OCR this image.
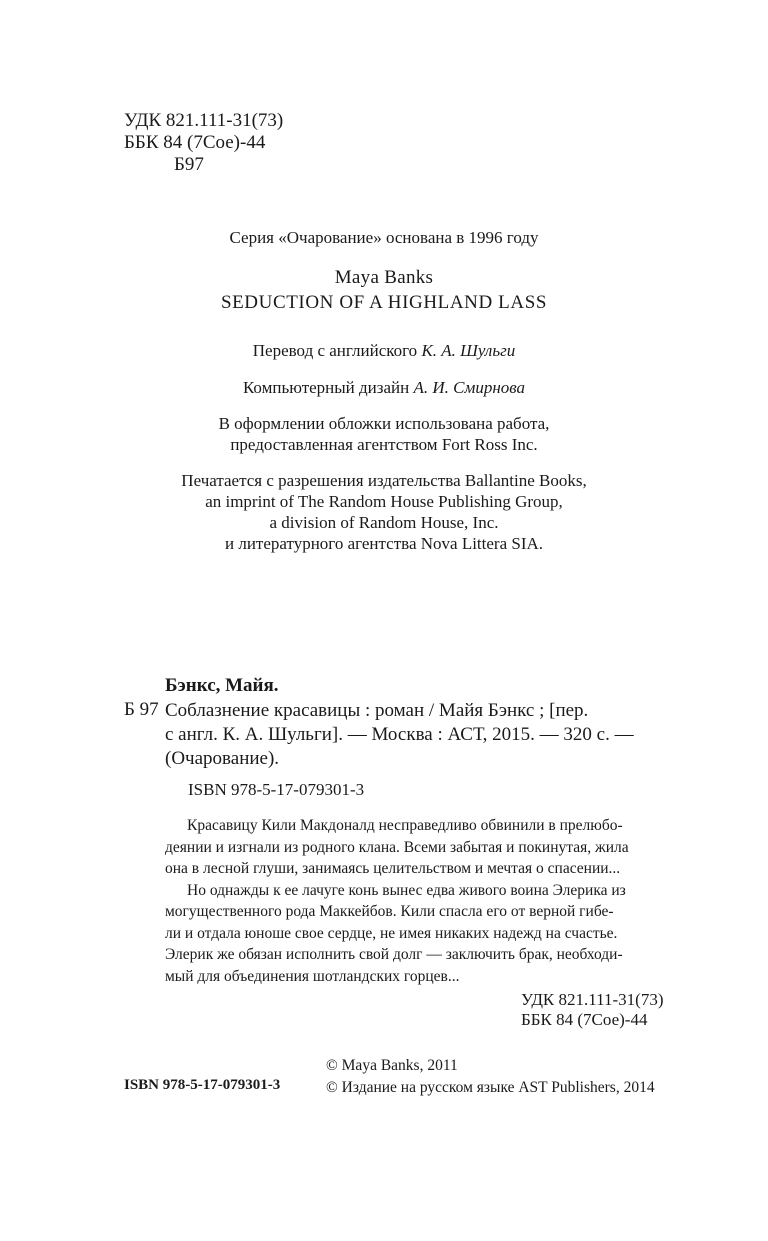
УДК 821.111-31(73)
ББК 84 (7Сое)-44
Б97
Серия «Очарование» основана в 1996 году
Maya Banks
SEDUCTION OF A HIGHLAND LASS
Перевод с английского К. А. Шульги
Компьютерный дизайн А. И. Смирнова
В оформлении обложки использована работа,
предоставленная агентством Fort Ross Inc.
Печатается с разрешения издательства Ballantine Books,
an imprint of The Random House Publishing Group,
a division of Random House, Inc.
и литературного агентства Nova Littera SIA.
Бэнкс, Майя.
Б 97 Соблазнение красавицы : роман / Майя Бэнкс ; [пер.
с англ. К. А. Шульги]. — Москва : АСТ, 2015. — 320 с. —
(Очарование).
ISBN 978-5-17-079301-3
Красавицу Кили Макдоналд несправедливо обвинили в прелюбо-
деянии и изгнали из родного клана. Всеми забытая и покинутая, жила
она в лесной глуши, занимаясь целительством и мечтая о спасении...
Но однажды к ее лачуге конь вынес едва живого воина Элерика из
могущественного рода Маккейбов. Кили спасла его от верной гибе-
ли и отдала юноше свое сердце, не имея никаких надежд на счастье.
Элерик же обязан исполнить свой долг — заключить брак, необходи-
мый для объединения шотландских горцев...
УДК 821.111-31(73)
ББК 84 (7Сое)-44
ISBN 978-5-17-079301-3
© Maya Banks, 2011
© Издание на русском языке AST Publishers, 2014
